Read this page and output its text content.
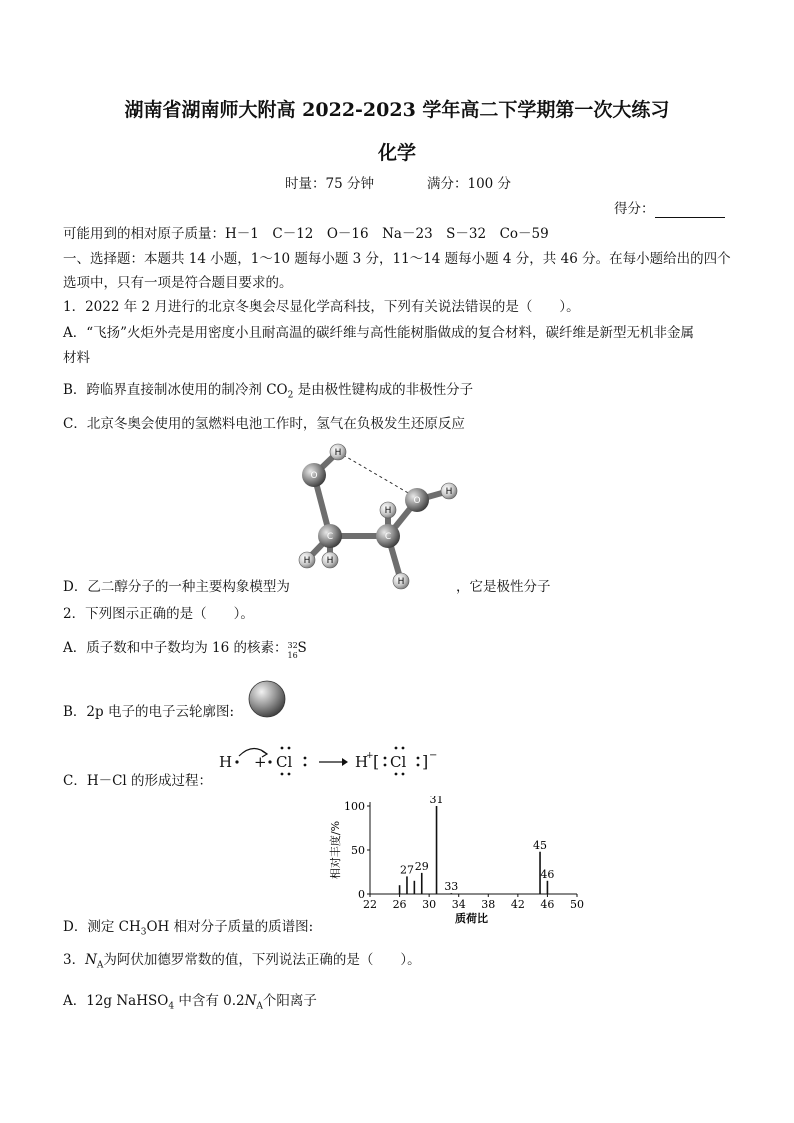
湖南省湖南师大附高 2022-2023 学年高二下学期第一次大练习
化学
时量：75 分钟	满分：100 分
得分：
可能用到的相对原子质量：H－1　C－12　O－16　Na－23　S－32　Co－59
一、选择题：本题共 14 小题，1～10 题每小题 3 分，11～14 题每小题 4 分，共 46 分。在每小题给出的四个
选项中，只有一项是符合题目要求的。
1．2022 年 2 月进行的北京冬奥会尽显化学高科技，下列有关说法错误的是（　　）。
A．“飞扬”火炬外壳是用密度小且耐高温的碳纤维与高性能树脂做成的复合材料，碳纤维是新型无机非金属
材料
B．跨临界直接制冰使用的制冷剂 $CO_2$ 是由极性键构成的非极性分子
C．北京冬奥会使用的氢燃料电池工作时，氢气在负极发生还原反应
O
H
O
H
C	C
H H
H
H
D．乙二醇分子的一种主要构象模型为	，它是极性分子
2．下列图示正确的是（　　）。
A．质子数和中子数均为 16 的核素： 32
16 S
B．2p 电子的电子云轮廓图:
C．H－Cl 的形成过程：
H + Cl	H
+ [ Cl ] −
22 26 30 34 38 42 46 50
0
50
100
27 29
31
33
45
46
相对丰度/%
质荷比
D．测定 $CH_3OH$ 相对分子质量的质谱图:
3．$N_A$为阿伏加德罗常数的值，下列说法正确的是（　　）。
A．12g NaHSO$_4$ 中含有 $0.2N_A$个阳离子
